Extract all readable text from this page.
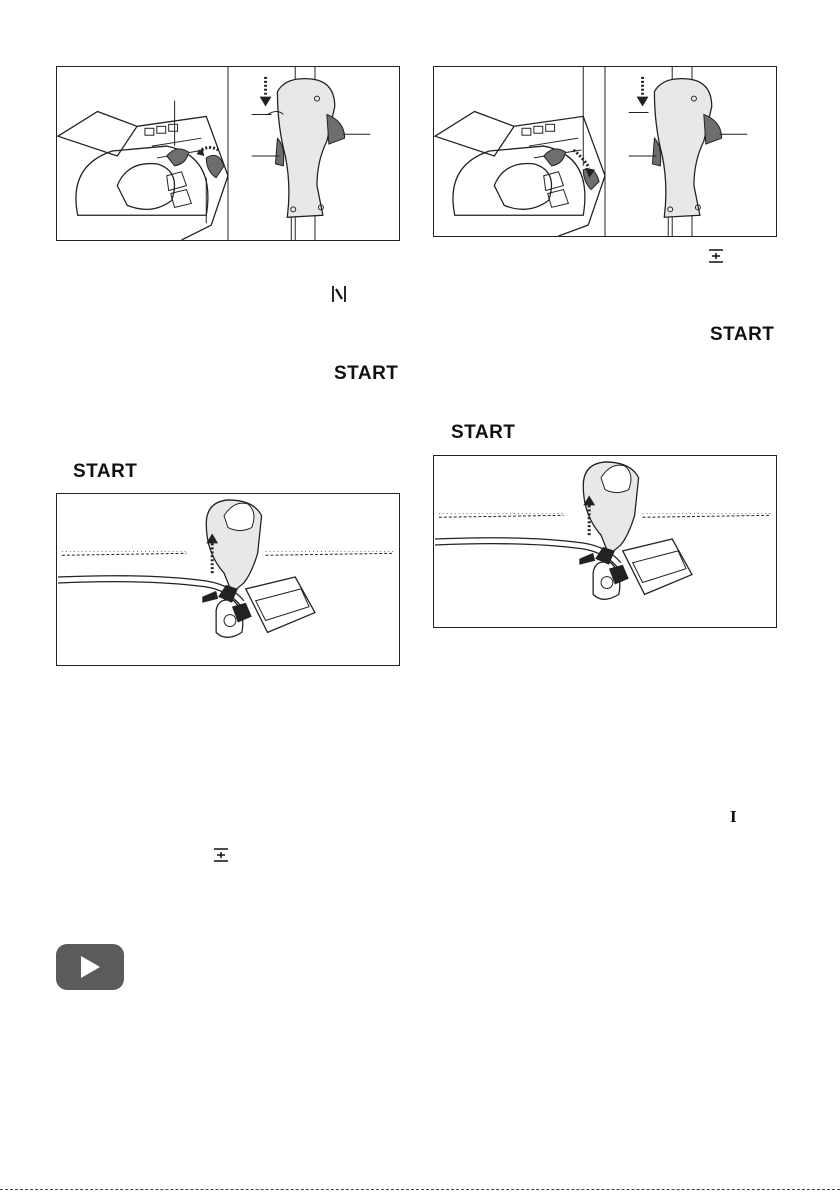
START
START
START
START
I
